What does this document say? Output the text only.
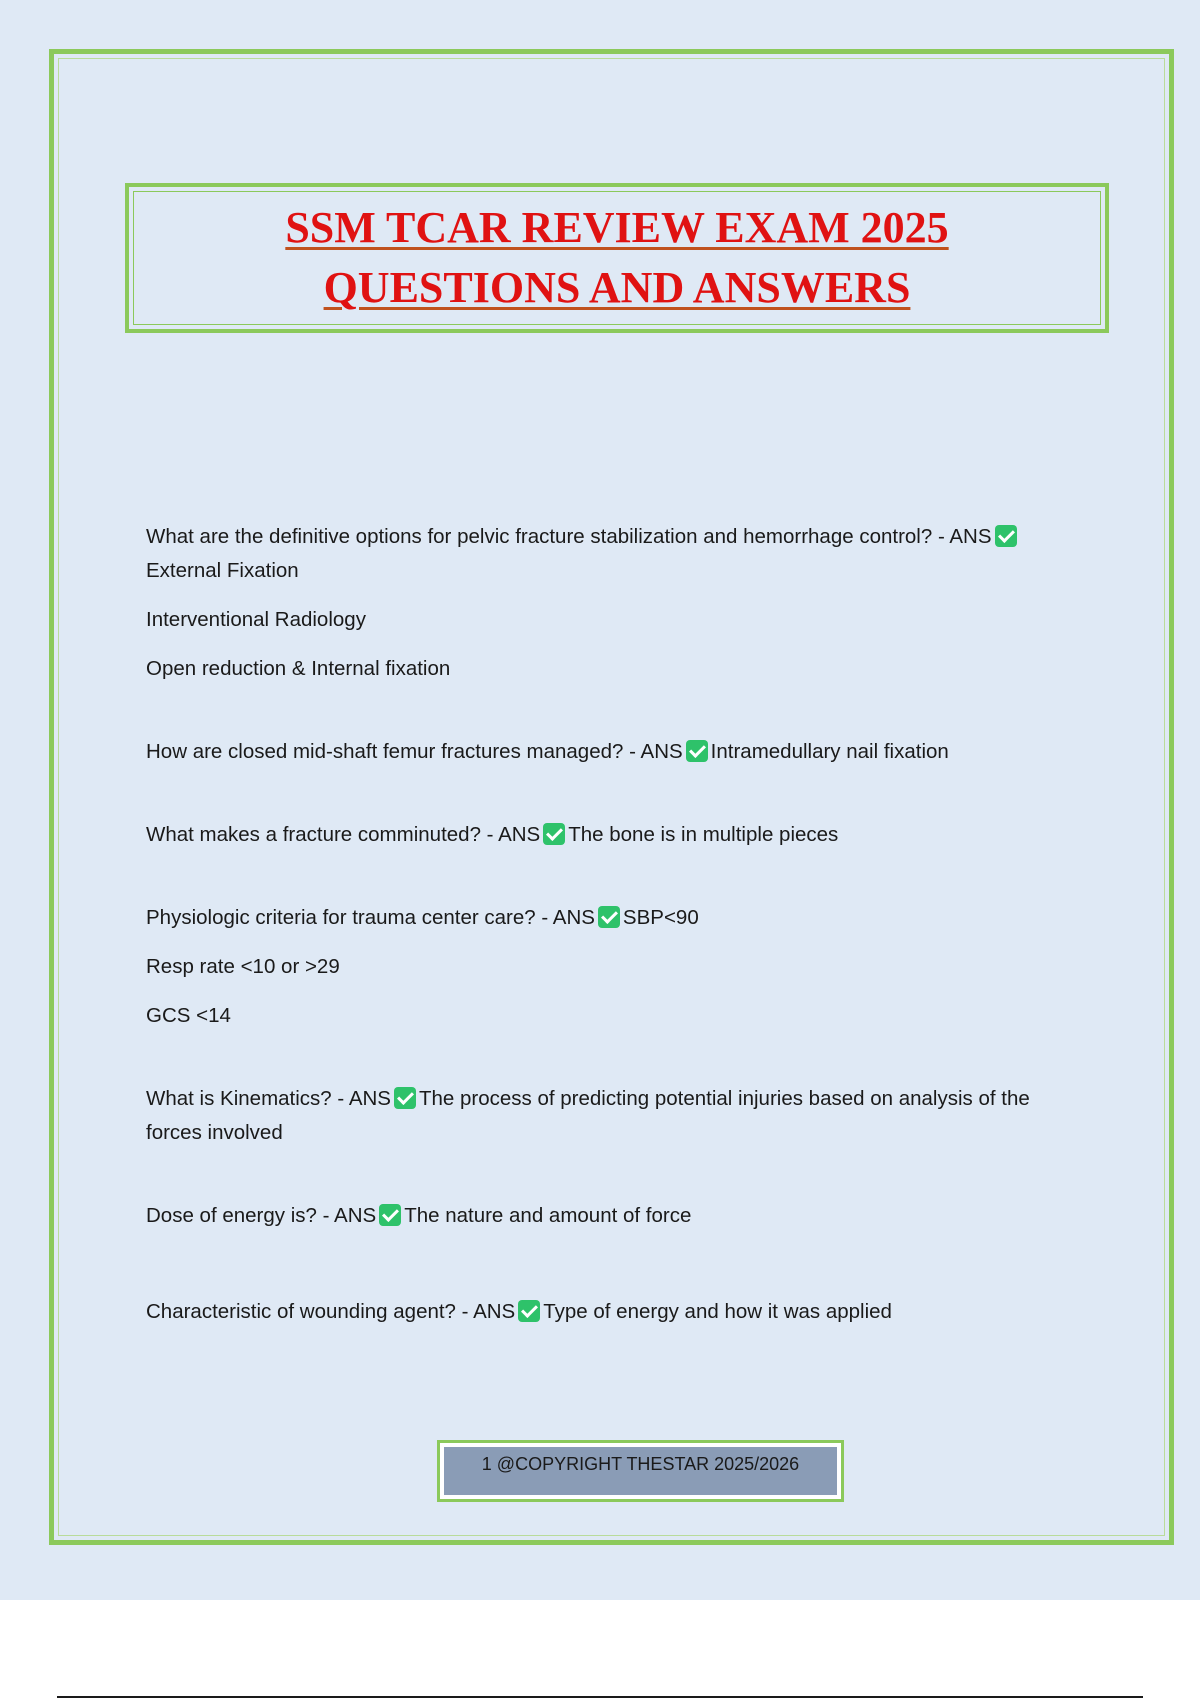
SSM TCAR REVIEW EXAM 2025
QUESTIONS AND ANSWERS

What are the definitive options for pelvic fracture stabilization and hemorrhage control? - ANSExternal Fixation

Interventional Radiology

Open reduction & Internal fixation

How are closed mid-shaft femur fractures managed? - ANS Intramedullary nail fixation

What makes a fracture comminuted? - ANS The bone is in multiple pieces

Physiologic criteria for trauma center care? - ANS SBP<90

Resp rate <10 or >29

GCS <14

What is Kinematics? - ANS The process of predicting potential injuries based on analysis of the forces involved

Dose of energy is? - ANS The nature and amount of force

Characteristic of wounding agent? - ANS Type of energy and how it was applied

1 @COPYRIGHT THESTAR 2025/2026
